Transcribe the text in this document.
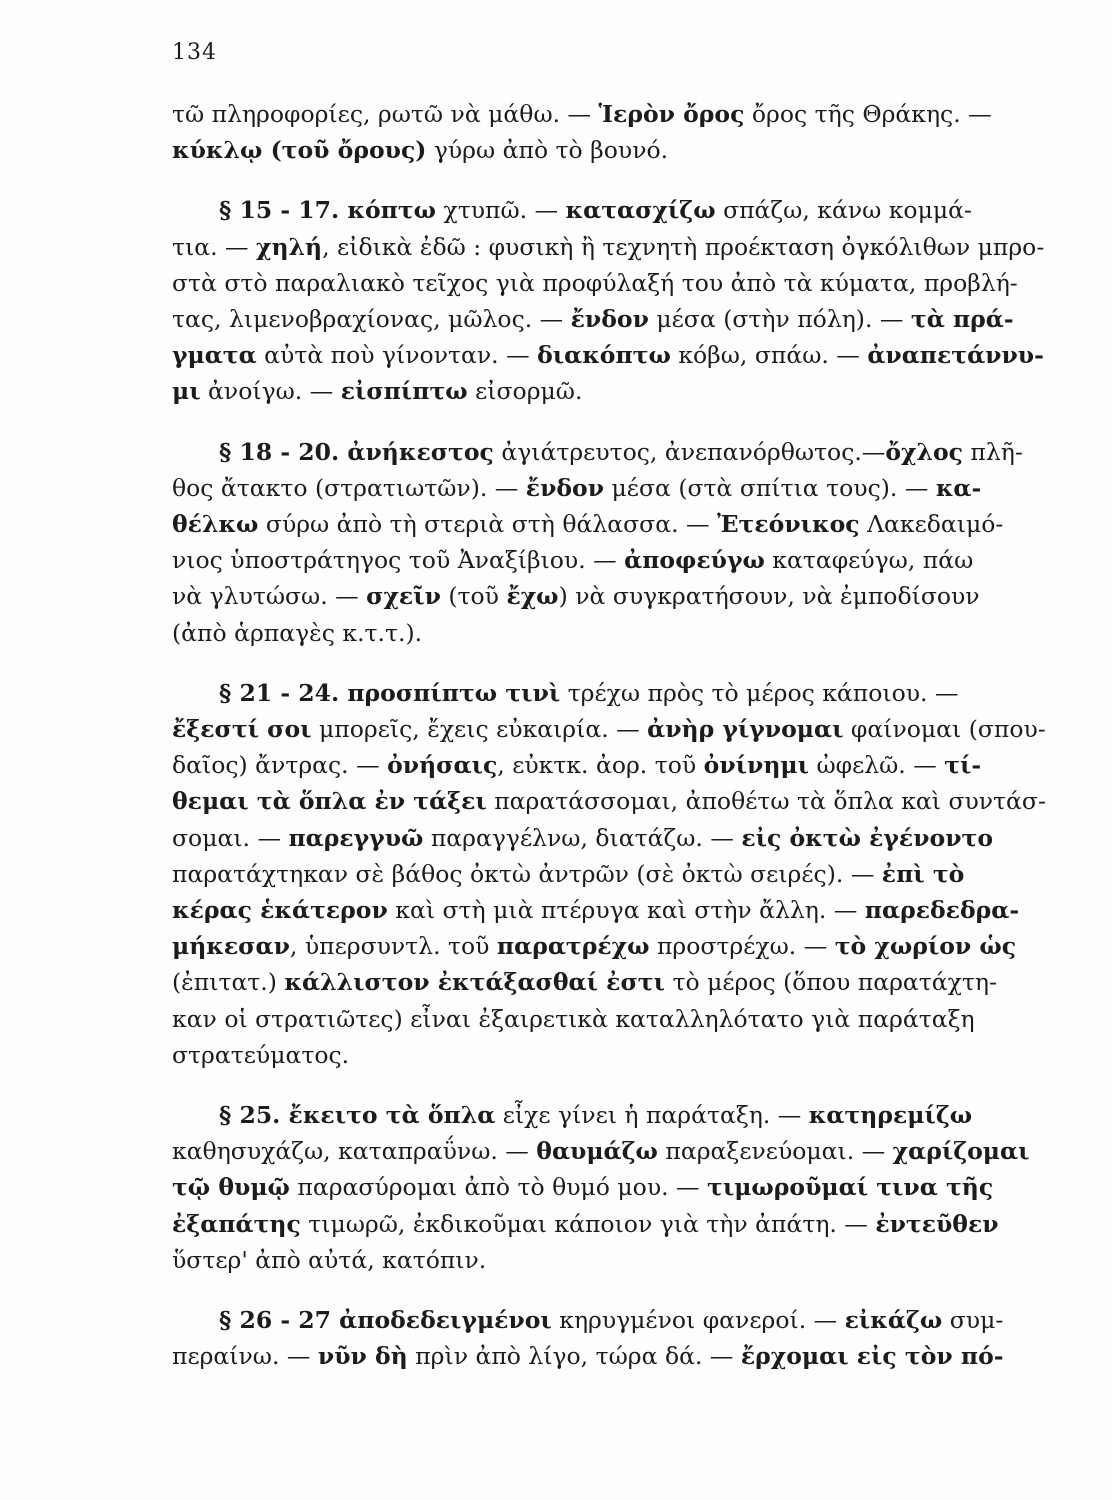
134
τῶ πληροφορίες, ρωτῶ νὰ μάθω. — Ἱερὸν ὄρος ὄρος τῆς Θράκης. —
κύκλῳ (τοῦ ὄρους) γύρω ἀπὸ τὸ βουνό.
  § 15 - 17. κόπτω χτυπῶ. — κατασχίζω σπάζω, κάνω κομμά-
τια. — χηλή, εἰδικὰ ἐδῶ : φυσικὴ ἢ τεχνητὴ προέκταση ὀγκόλιθων μπρο-
στὰ στὸ παραλιακὸ τεῖχος γιὰ προφύλαξή του ἀπὸ τὰ κύματα, προβλή-
τας, λιμενοβραχίονας, μῶλος. — ἔνδον μέσα (στὴν πόλη). — τὰ πρά-
γματα αὐτὰ ποὺ γίνονταν. — διακόπτω κόβω, σπάω. — ἀναπετάννυ-
μι ἀνοίγω. — εἰσπίπτω εἰσορμῶ.
  § 18 - 20. ἀνήκεστος ἀγιάτρευτος, ἀνεπανόρθωτος.—ὄχλος πλῆ-
θος ἄτακτο (στρατιωτῶν). — ἔνδον μέσα (στὰ σπίτια τους). — κα-
θέλκω σύρω ἀπὸ τὴ στεριὰ στὴ θάλασσα. — Ἐτεόνικος Λακεδαιμό-
νιος ὑποστράτηγος τοῦ Ἀναξίβιου. — ἀποφεύγω καταφεύγω, πάω
νὰ γλυτώσω. — σχεῖν (τοῦ ἔχω) νὰ συγκρατήσουν, νὰ ἐμποδίσουν
(ἀπὸ ἁρπαγὲς κ.τ.τ.).
  § 21 - 24. προσπίπτω τινὶ τρέχω πρὸς τὸ μέρος κάποιου. —
ἔξεστί σοι μπορεῖς, ἔχεις εὐκαιρία. — ἀνὴρ γίγνομαι φαίνομαι (σπου-
δαῖος) ἄντρας. — ὀνήσαις, εὐκτκ. ἀορ. τοῦ ὀνίνημι ὠφελῶ. — τί-
θεμαι τὰ ὅπλα ἐν τάξει παρατάσσομαι, ἀποθέτω τὰ ὅπλα καὶ συντάσ-
σομαι. — παρεγγυῶ παραγγέλνω, διατάζω. — εἰς ὀκτὼ ἐγένοντο
παρατάχτηκαν σὲ βάθος ὀκτὼ ἀντρῶν (σὲ ὀκτὼ σειρές). — ἐπὶ τὸ
κέρας ἑκάτερον καὶ στὴ μιὰ πτέρυγα καὶ στὴν ἄλλη. — παρεδεδρα-
μήκεσαν, ὑπερσυντλ. τοῦ παρατρέχω προστρέχω. — τὸ χωρίον ὡς
(ἐπιτατ.) κάλλιστον ἐκτάξασθαί ἐστι τὸ μέρος (ὅπου παρατάχτη-
καν οἱ στρατιῶτες) εἶναι ἐξαιρετικὰ καταλληλότατο γιὰ παράταξη
στρατεύματος.
  § 25. ἔκειτο τὰ ὅπλα εἶχε γίνει ἡ παράταξη. — κατηρεμίζω
καθησυχάζω, καταπραΰνω. — θαυμάζω παραξενεύομαι. — χαρίζομαι
τῷ θυμῷ παρασύρομαι ἀπὸ τὸ θυμό μου. — τιμωροῦμαί τινα τῆς
ἐξαπάτης τιμωρῶ, ἐκδικοῦμαι κάποιον γιὰ τὴν ἀπάτη. — ἐντεῦθεν
ὕστερ' ἀπὸ αὐτά, κατόπιν.
  § 26 - 27 ἀποδεδειγμένοι κηρυγμένοι φανεροί. — εἰκάζω συμ-
περαίνω. — νῦν δὴ πρὶν ἀπὸ λίγο, τώρα δά. — ἔρχομαι εἰς τὸν πό-
